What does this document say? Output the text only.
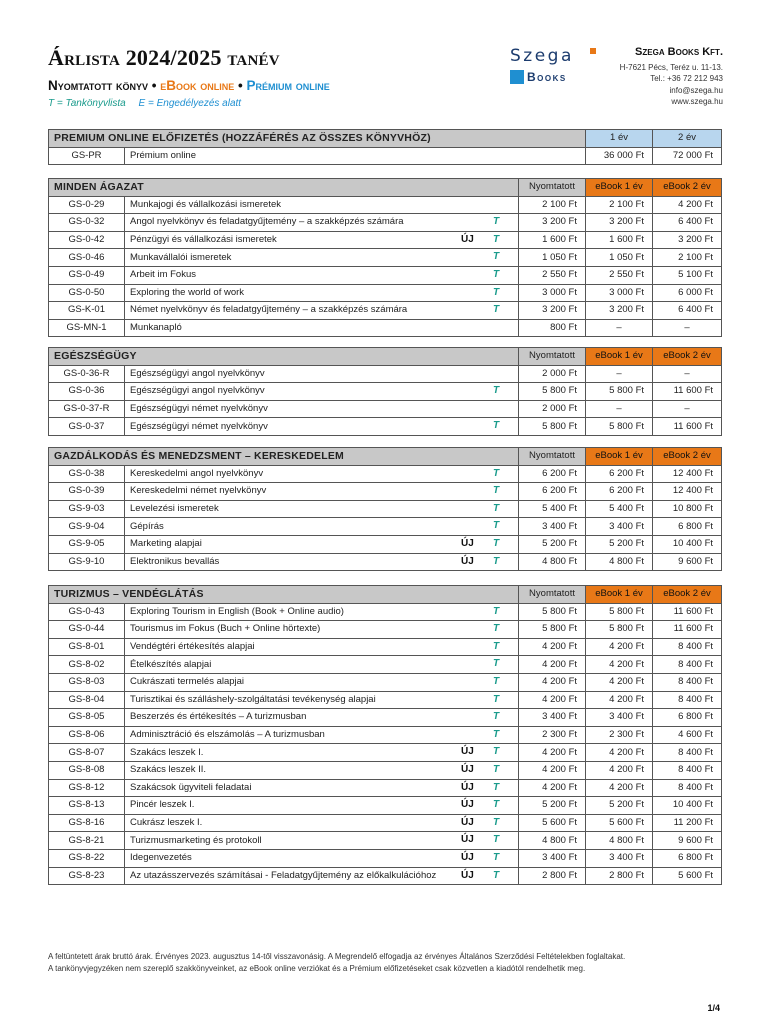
Árlista 2024/2025 tanév
Nyomtatott könyv • eBook online • Prémium online
T = Tankönyvlista E = Engedélyezés alatt
Szega
Books
Szega Books Kft.
H-7621 Pécs, Teréz u. 11-13.
Tel.: +36 72 212 943
info@szega.hu
www.szega.hu
PREMIUM ONLINE ELŐFIZETÉS (HOZZÁFÉRÉS AZ ÖSSZES KÖNYVHÖZ)		1 év	2 év
GS-PR	Prémium online	36 000 Ft	72 000 Ft
MINDEN ÁGAZAT		Nyomtatott	eBook 1 év	eBook 2 év
GS-0-29	Munkajogi és vállalkozási ismeretek	2 100 Ft	2 100 Ft	4 200 Ft
GS-0-32	Angol nyelvkönyv és feladatgyűjtemény – a szakképzés számára T	3 200 Ft	3 200 Ft	6 400 Ft
GS-0-42	Pénzügyi és vállalkozási ismeretek ÚJ T	1 600 Ft	1 600 Ft	3 200 Ft
GS-0-46	Munkavállalói ismeretek T	1 050 Ft	1 050 Ft	2 100 Ft
GS-0-49	Arbeit im Fokus T	2 550 Ft	2 550 Ft	5 100 Ft
GS-0-50	Exploring the world of work T	3 000 Ft	3 000 Ft	6 000 Ft
GS-K-01	Német nyelvkönyv és feladatgyűjtemény – a szakképzés számára T	3 200 Ft	3 200 Ft	6 400 Ft
GS-MN-1	Munkanapló	800 Ft	–	–
EGÉSZSÉGÜGY		Nyomtatott	eBook 1 év	eBook 2 év
GS-0-36-R	Egészségügyi angol nyelvkönyv	2 000 Ft	–	–
GS-0-36	Egészségügyi angol nyelvkönyv T	5 800 Ft	5 800 Ft	11 600 Ft
GS-0-37-R	Egészségügyi német nyelvkönyv	2 000 Ft	–	–
GS-0-37	Egészségügyi német nyelvkönyv T	5 800 Ft	5 800 Ft	11 600 Ft
GAZDÁLKODÁS ÉS MENEDZSMENT – KERESKEDELEM		Nyomtatott	eBook 1 év	eBook 2 év
GS-0-38	Kereskedelmi angol nyelvkönyv T	6 200 Ft	6 200 Ft	12 400 Ft
GS-0-39	Kereskedelmi német nyelvkönyv T	6 200 Ft	6 200 Ft	12 400 Ft
GS-9-03	Levelezési ismeretek T	5 400 Ft	5 400 Ft	10 800 Ft
GS-9-04	Gépírás T	3 400 Ft	3 400 Ft	6 800 Ft
GS-9-05	Marketing alapjai ÚJ T	5 200 Ft	5 200 Ft	10 400 Ft
GS-9-10	Elektronikus bevallás ÚJ T	4 800 Ft	4 800 Ft	9 600 Ft
TURIZMUS – VENDÉGLÁTÁS		Nyomtatott	eBook 1 év	eBook 2 év
GS-0-43	Exploring Tourism in English (Book + Online audio) T	5 800 Ft	5 800 Ft	11 600 Ft
GS-0-44	Tourismus im Fokus (Buch + Online hörtexte) T	5 800 Ft	5 800 Ft	11 600 Ft
GS-8-01	Vendégtéri értékesítés alapjai T	4 200 Ft	4 200 Ft	8 400 Ft
GS-8-02	Ételkészítés alapjai T	4 200 Ft	4 200 Ft	8 400 Ft
GS-8-03	Cukrászati termelés alapjai T	4 200 Ft	4 200 Ft	8 400 Ft
GS-8-04	Turisztikai és szálláshely-szolgáltatási tevékenység alapjai T	4 200 Ft	4 200 Ft	8 400 Ft
GS-8-05	Beszerzés és értékesítés – A turizmusban T	3 400 Ft	3 400 Ft	6 800 Ft
GS-8-06	Adminisztráció és elszámolás – A turizmusban T	2 300 Ft	2 300 Ft	4 600 Ft
GS-8-07	Szakács leszek I. ÚJ T	4 200 Ft	4 200 Ft	8 400 Ft
GS-8-08	Szakács leszek II. ÚJ T	4 200 Ft	4 200 Ft	8 400 Ft
GS-8-12	Szakácsok ügyviteli feladatai ÚJ T	4 200 Ft	4 200 Ft	8 400 Ft
GS-8-13	Pincér leszek I. ÚJ T	5 200 Ft	5 200 Ft	10 400 Ft
GS-8-16	Cukrász leszek I. ÚJ T	5 600 Ft	5 600 Ft	11 200 Ft
GS-8-21	Turizmusmarketing és protokoll ÚJ T	4 800 Ft	4 800 Ft	9 600 Ft
GS-8-22	Idegenvezetés ÚJ T	3 400 Ft	3 400 Ft	6 800 Ft
GS-8-23	Az utazásszervezés számításai - Feladatgyűjtemény az előkalkulációhoz ÚJ T	2 800 Ft	2 800 Ft	5 600 Ft
A feltüntetett árak bruttó árak. Érvényes 2023. augusztus 14-től visszavonásig. A Megrendelő elfogadja az érvényes Általános Szerződési Feltételekben foglaltakat.
A tankönyvjegyzéken nem szereplő szakkönyveinket, az eBook online verziókat és a Prémium előfizetéseket csak közvetlen a kiadótól rendelhetik meg.
1/4
